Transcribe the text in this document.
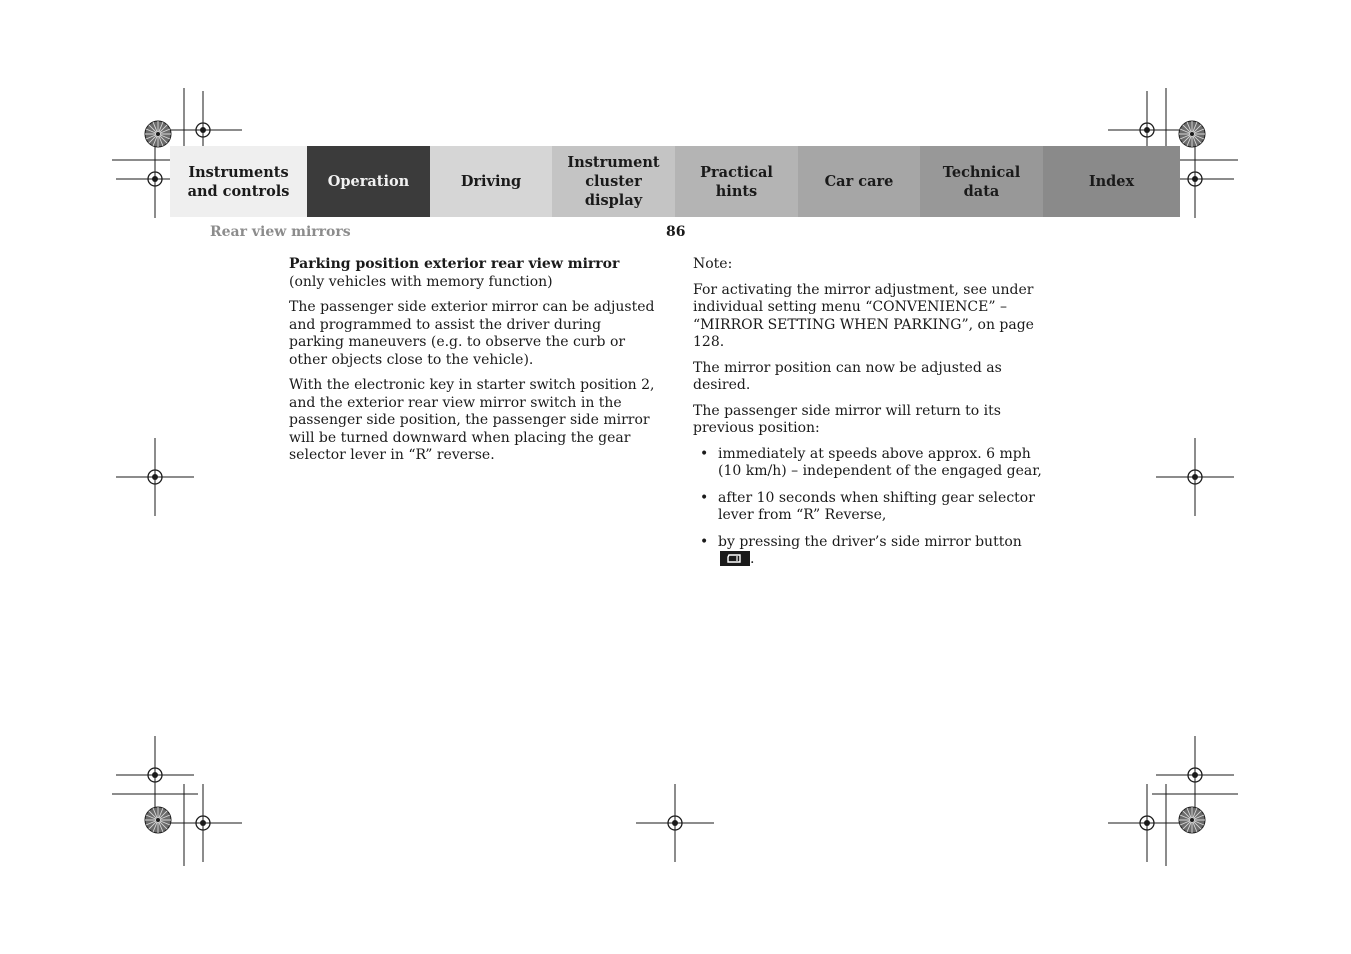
Instruments
and controls
Operation	Driving
Instrument
cluster display
Practical hints
Car care
Technical
data
Index
Rear view mirrors	86

Parking position exterior rear view mirror
(only vehicles with memory function)

The passenger side exterior mirror can be adjusted and programmed to assist the driver during parking maneuvers (e.g. to observe the curb or other objects close to the vehicle).

With the electronic key in starter switch position 2, and the exterior rear view mirror switch in the passenger side position, the passenger side mirror will be turned downward when placing the gear selector lever in “R” reverse.

Note:

For activating the mirror adjustment, see under individual setting menu “CONVENIENCE” – “MIRROR SETTING WHEN PARKING”, on page 128.

The mirror position can now be adjusted as desired.

The passenger side mirror will return to its previous position:

• immediately at speeds above approx. 6 mph (10 km/h) – independent of the engaged gear,
• after 10 seconds when shifting gear selector lever from “R” Reverse,
• by pressing the driver’s side mirror button .
